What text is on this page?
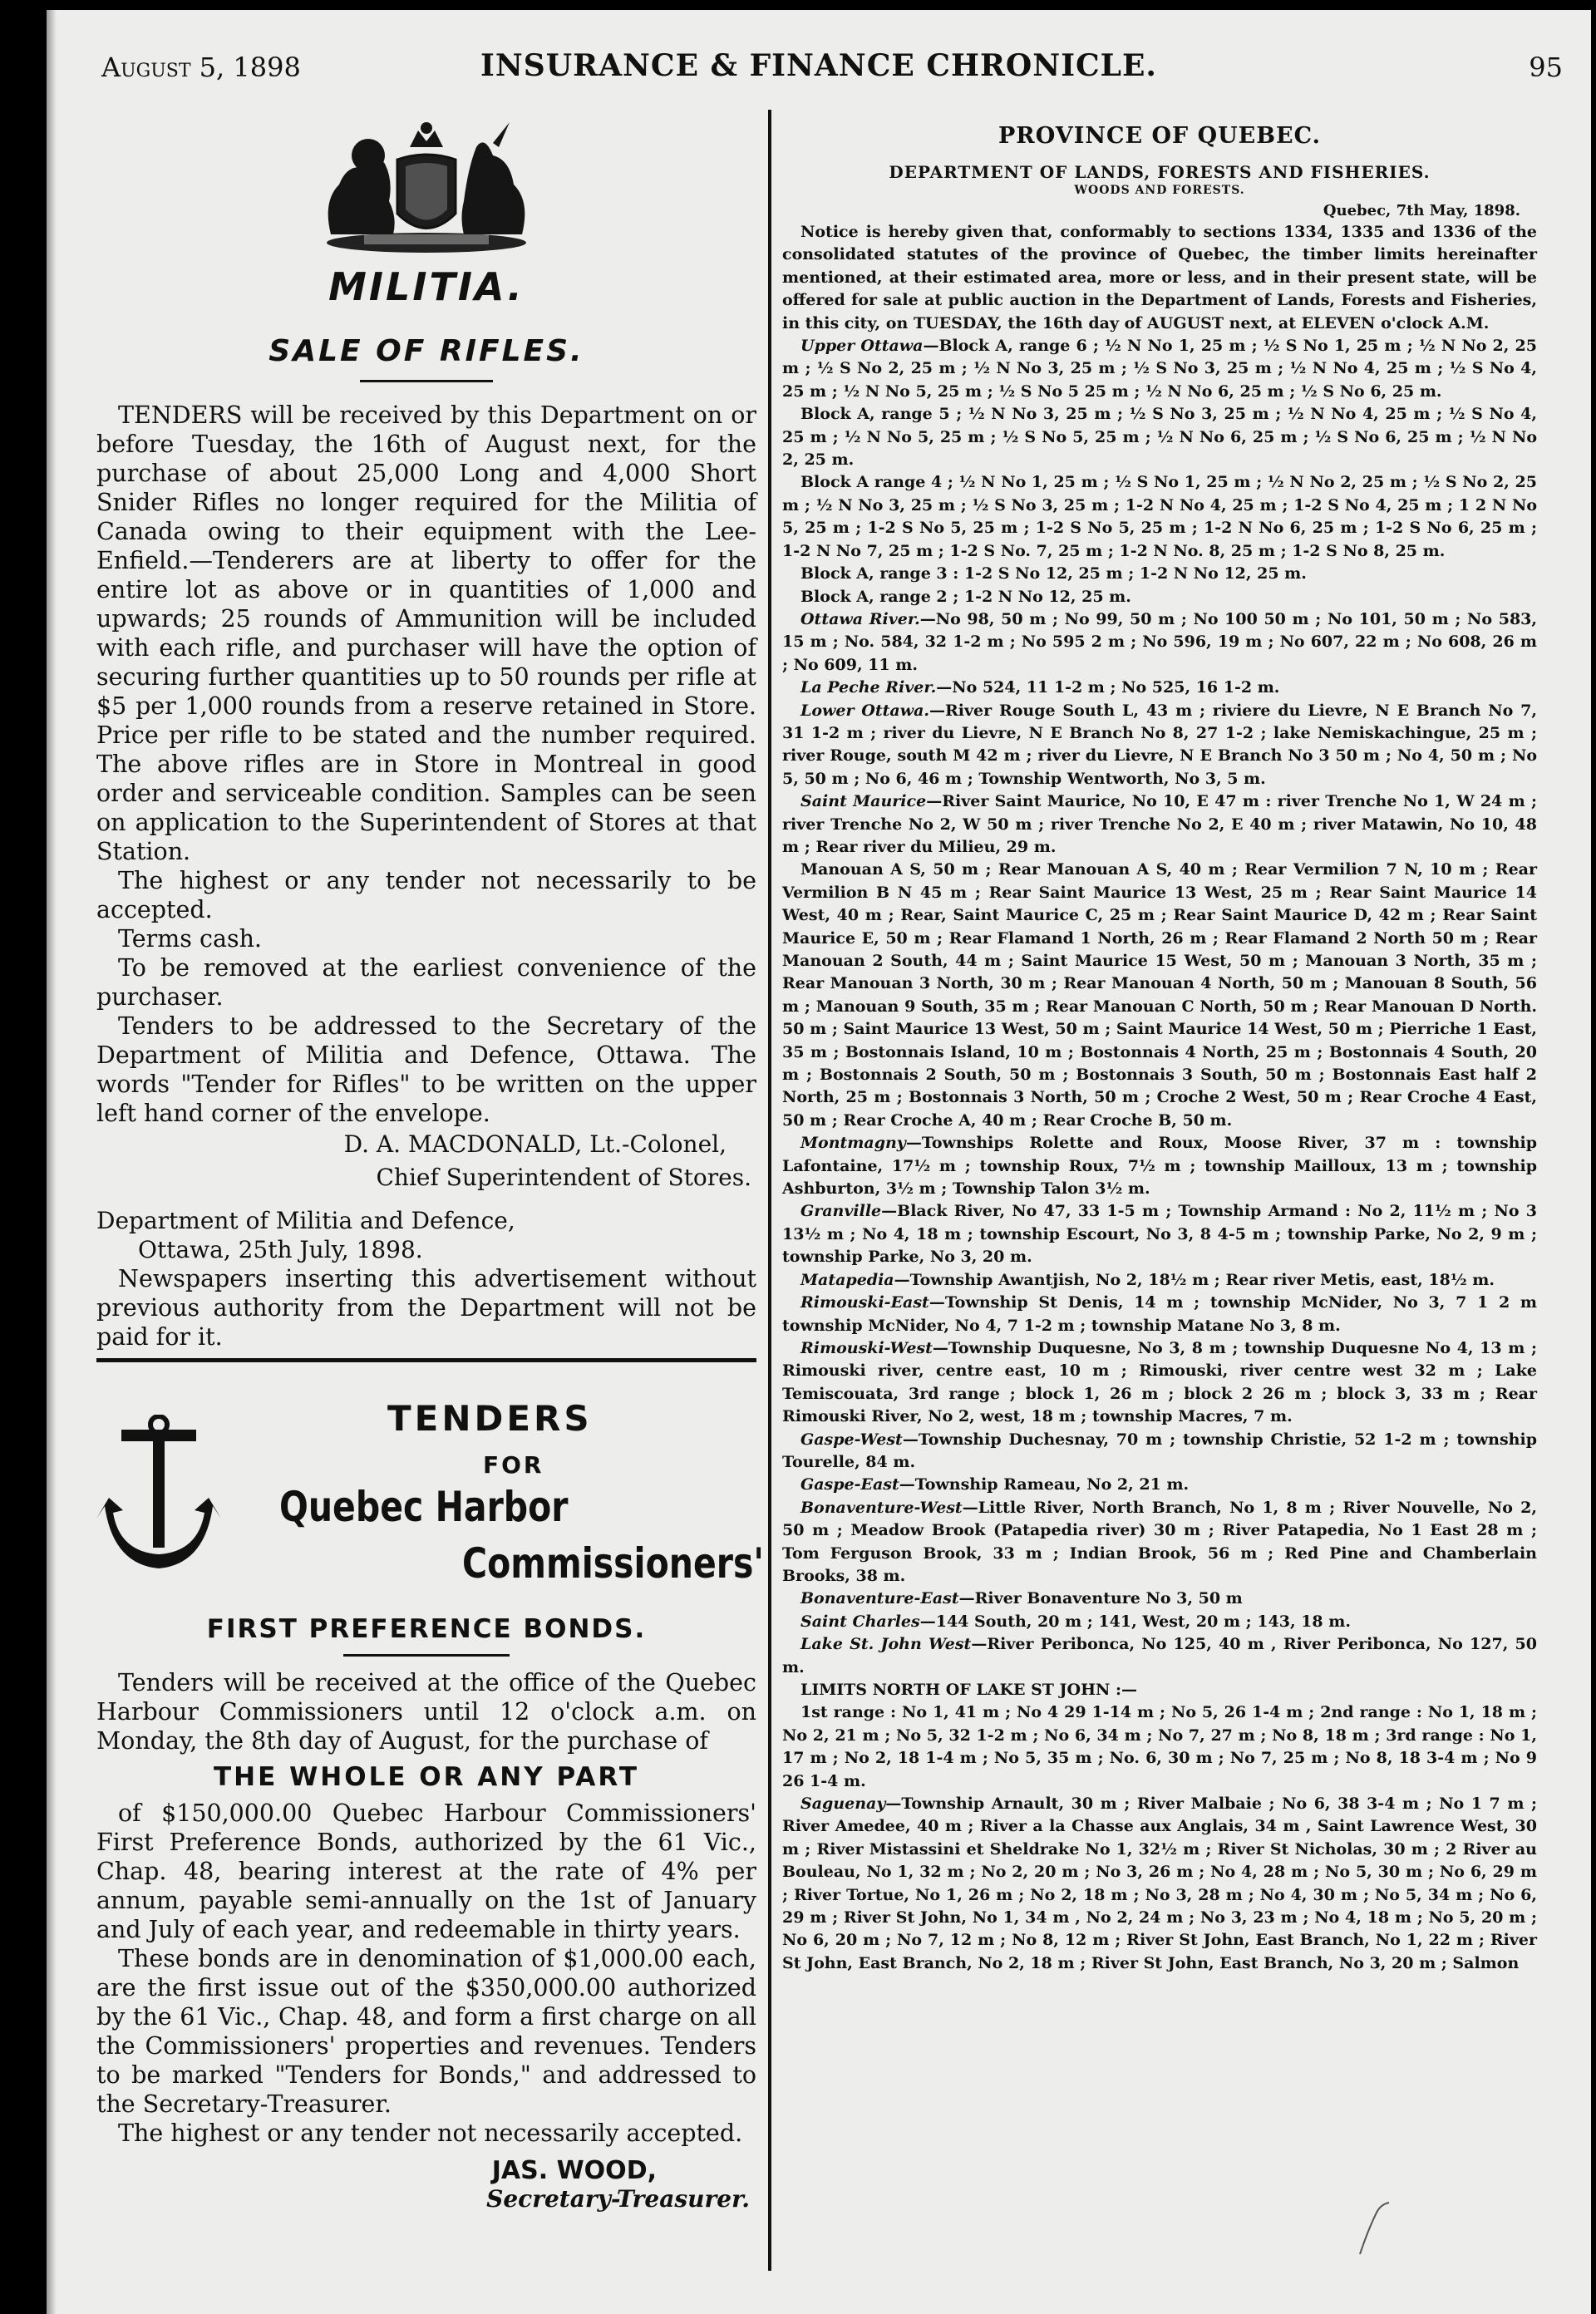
August 5, 1898	INSURANCE & FINANCE CHRONICLE.	95
MILITIA.
SALE OF RIFLES.

TENDERS will be received by this Department on or before Tuesday, the 16th of August next, for the purchase of about 25,000 Long and 4,000 Short Snider Rifles no longer required for the Militia of Canada owing to their equipment with the Lee-Enfield.—Tenderers are at liberty to offer for the entire lot as above or in quantities of 1,000 and upwards; 25 rounds of Ammunition will be included with each rifle, and purchaser will have the option of securing further quantities up to 50 rounds per rifle at $5 per 1,000 rounds from a reserve retained in Store. Price per rifle to be stated and the number required. The above rifles are in Store in Montreal in good order and serviceable condition. Samples can be seen on application to the Superintendent of Stores at that Station.

The highest or any tender not necessarily to be accepted.

Terms cash.

To be removed at the earliest convenience of the purchaser.

Tenders to be addressed to the Secretary of the Department of Militia and Defence, Ottawa. The words "Tender for Rifles" to be written on the upper left hand corner of the envelope.

D. A. MACDONALD, Lt.-Colonel,
Chief Superintendent of Stores.
Department of Militia and Defence,
Ottawa, 25th July, 1898.

Newspapers inserting this advertisement without previous authority from the Department will not be paid for it.

TENDERS
FOR
Quebec Harbor
Commissioners'
FIRST PREFERENCE BONDS.

Tenders will be received at the office of the Quebec Harbour Commissioners until 12 o'clock a.m. on Monday, the 8th day of August, for the purchase of

THE WHOLE OR ANY PART

of $150,000.00 Quebec Harbour Commissioners' First Preference Bonds, authorized by the 61 Vic., Chap. 48, bearing interest at the rate of 4% per annum, payable semi-annually on the 1st of January and July of each year, and redeemable in thirty years.

These bonds are in denomination of $1,000.00 each, are the first issue out of the $350,000.00 authorized by the 61 Vic., Chap. 48, and form a first charge on all the Commissioners' properties and revenues. Tenders to be marked "Tenders for Bonds," and addressed to the Secretary-Treasurer.

The highest or any tender not necessarily accepted.

JAS. WOOD,
Secretary-Treasurer.
PROVINCE OF QUEBEC.
DEPARTMENT OF LANDS, FORESTS AND FISHERIES.
WOODS AND FORESTS.
Quebec, 7th May, 1898.

Notice is hereby given that, conformably to sections 1334, 1335 and 1336 of the consolidated statutes of the province of Quebec, the timber limits hereinafter mentioned, at their estimated area, more or less, and in their present state, will be offered for sale at public auction in the Department of Lands, Forests and Fisheries, in this city, on TUESDAY, the 16th day of AUGUST next, at ELEVEN o'clock A.M.

Upper Ottawa—Block A, range 6 ; ½ N No 1, 25 m ; ½ S No 1, 25 m ; ½ N No 2, 25 m ; ½ S No 2, 25 m ; ½ N No 3, 25 m ; ½ S No 3, 25 m ; ½ N No 4, 25 m ; ½ S No 4, 25 m ; ½ N No 5, 25 m ; ½ S No 5 25 m ; ½ N No 6, 25 m ; ½ S No 6, 25 m.

Block A, range 5 ; ½ N No 3, 25 m ; ½ S No 3, 25 m ; ½ N No 4, 25 m ; ½ S No 4, 25 m ; ½ N No 5, 25 m ; ½ S No 5, 25 m ; ½ N No 6, 25 m ; ½ S No 6, 25 m ; ½ N No 2, 25 m.

Block A range 4 ; ½ N No 1, 25 m ; ½ S No 1, 25 m ; ½ N No 2, 25 m ; ½ S No 2, 25 m ; ½ N No 3, 25 m ; ½ S No 3, 25 m ; 1-2 N No 4, 25 m ; 1-2 S No 4, 25 m ; 1 2 N No 5, 25 m ; 1-2 S No 5, 25 m ; 1-2 S No 5, 25 m ; 1-2 N No 6, 25 m ; 1-2 S No 6, 25 m ; 1-2 N No 7, 25 m ; 1-2 S No. 7, 25 m ; 1-2 N No. 8, 25 m ; 1-2 S No 8, 25 m.

Block A, range 3 : 1-2 S No 12, 25 m ; 1-2 N No 12, 25 m.

Block A, range 2 ; 1-2 N No 12, 25 m.

Ottawa River.—No 98, 50 m ; No 99, 50 m ; No 100 50 m ; No 101, 50 m ; No 583, 15 m ; No. 584, 32 1-2 m ; No 595 2 m ; No 596, 19 m ; No 607, 22 m ; No 608, 26 m ; No 609, 11 m.

La Peche River.—No 524, 11 1-2 m ; No 525, 16 1-2 m.

Lower Ottawa.—River Rouge South L, 43 m ; riviere du Lievre, N E Branch No 7, 31 1-2 m ; river du Lievre, N E Branch No 8, 27 1-2 ; lake Nemiskachingue, 25 m ; river Rouge, south M 42 m ; river du Lievre, N E Branch No 3 50 m ; No 4, 50 m ; No 5, 50 m ; No 6, 46 m ; Township Wentworth, No 3, 5 m.

Saint Maurice—River Saint Maurice, No 10, E 47 m : river Trenche No 1, W 24 m ; river Trenche No 2, W 50 m ; river Trenche No 2, E 40 m ; river Matawin, No 10, 48 m ; Rear river du Milieu, 29 m.

Manouan A S, 50 m ; Rear Manouan A S, 40 m ; Rear Vermilion 7 N, 10 m ; Rear Vermilion B N 45 m ; Rear Saint Maurice 13 West, 25 m ; Rear Saint Maurice 14 West, 40 m ; Rear, Saint Maurice C, 25 m ; Rear Saint Maurice D, 42 m ; Rear Saint Maurice E, 50 m ; Rear Flamand 1 North, 26 m ; Rear Flamand 2 North 50 m ; Rear Manouan 2 South, 44 m ; Saint Maurice 15 West, 50 m ; Manouan 3 North, 35 m ; Rear Manouan 3 North, 30 m ; Rear Manouan 4 North, 50 m ; Manouan 8 South, 56 m ; Manouan 9 South, 35 m ; Rear Manouan C North, 50 m ; Rear Manouan D North. 50 m ; Saint Maurice 13 West, 50 m ; Saint Maurice 14 West, 50 m ; Pierriche 1 East, 35 m ; Bostonnais Island, 10 m ; Bostonnais 4 North, 25 m ; Bostonnais 4 South, 20 m ; Bostonnais 2 South, 50 m ; Bostonnais 3 South, 50 m ; Bostonnais East half 2 North, 25 m ; Bostonnais 3 North, 50 m ; Croche 2 West, 50 m ; Rear Croche 4 East, 50 m ; Rear Croche A, 40 m ; Rear Croche B, 50 m.

Montmagny—Townships Rolette and Roux, Moose River, 37 m : township Lafontaine, 17½ m ; township Roux, 7½ m ; township Mailloux, 13 m ; township Ashburton, 3½ m ; Township Talon 3½ m.

Granville—Black River, No 47, 33 1-5 m ; Township Armand : No 2, 11½ m ; No 3 13½ m ; No 4, 18 m ; township Escourt, No 3, 8 4-5 m ; township Parke, No 2, 9 m ; township Parke, No 3, 20 m.

Matapedia—Township Awantjish, No 2, 18½ m ; Rear river Metis, east, 18½ m.

Rimouski-East—Township St Denis, 14 m ; township McNider, No 3, 7 1 2 m township McNider, No 4, 7 1-2 m ; township Matane No 3, 8 m.

Rimouski-West—Township Duquesne, No 3, 8 m ; township Duquesne No 4, 13 m ; Rimouski river, centre east, 10 m ; Rimouski, river centre west 32 m ; Lake Temiscouata, 3rd range ; block 1, 26 m ; block 2 26 m ; block 3, 33 m ; Rear Rimouski River, No 2, west, 18 m ; township Macres, 7 m.

Gaspe-West—Township Duchesnay, 70 m ; township Christie, 52 1-2 m ; township Tourelle, 84 m.

Gaspe-East—Township Rameau, No 2, 21 m.

Bonaventure-West—Little River, North Branch, No 1, 8 m ; River Nouvelle, No 2, 50 m ; Meadow Brook (Patapedia river) 30 m ; River Patapedia, No 1 East 28 m ; Tom Ferguson Brook, 33 m ; Indian Brook, 56 m ; Red Pine and Chamberlain Brooks, 38 m.

Bonaventure-East—River Bonaventure No 3, 50 m

Saint Charles—144 South, 20 m ; 141, West, 20 m ; 143, 18 m.

Lake St. John West—River Peribonca, No 125, 40 m , River Peribonca, No 127, 50 m.

LIMITS NORTH OF LAKE ST JOHN :—

1st range : No 1, 41 m ; No 4 29 1-14 m ; No 5, 26 1-4 m ; 2nd range : No 1, 18 m ; No 2, 21 m ; No 5, 32 1-2 m ; No 6, 34 m ; No 7, 27 m ; No 8, 18 m ; 3rd range : No 1, 17 m ; No 2, 18 1-4 m ; No 5, 35 m ; No. 6, 30 m ; No 7, 25 m ; No 8, 18 3-4 m ; No 9 26 1-4 m.

Saguenay—Township Arnault, 30 m ; River Malbaie ; No 6, 38 3-4 m ; No 1 7 m ; River Amedee, 40 m ; River a la Chasse aux Anglais, 34 m , Saint Lawrence West, 30 m ; River Mistassini et Sheldrake No 1, 32½ m ; River St Nicholas, 30 m ; 2 River au Bouleau, No 1, 32 m ; No 2, 20 m ; No 3, 26 m ; No 4, 28 m ; No 5, 30 m ; No 6, 29 m ; River Tortue, No 1, 26 m ; No 2, 18 m ; No 3, 28 m ; No 4, 30 m ; No 5, 34 m ; No 6, 29 m ; River St John, No 1, 34 m , No 2, 24 m ; No 3, 23 m ; No 4, 18 m ; No 5, 20 m ; No 6, 20 m ; No 7, 12 m ; No 8, 12 m ; River St John, East Branch, No 1, 22 m ; River St John, East Branch, No 2, 18 m ; River St John, East Branch, No 3, 20 m ; Salmon
